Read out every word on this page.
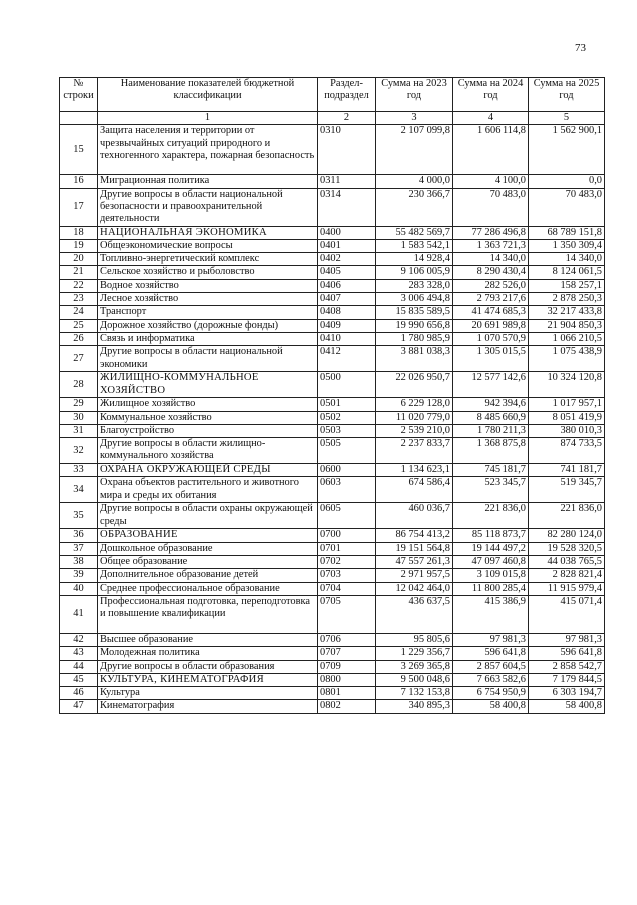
73
№ строки	Наименование показателей бюджетной классификации	Раздел-подраздел	Сумма на 2023 год	Сумма на 2024 год	Сумма на 2025 год
	1	2	3	4	5
15	Защита населения и территории от чрезвычайных ситуаций природного и техногенного характера, пожарная безопасность	0310	2 107 099,8	1 606 114,8	1 562 900,1
16	Миграционная политика	0311	4 000,0	4 100,0	0,0
17	Другие вопросы в области национальной безопасности и правоохранительной деятельности	0314	230 366,7	70 483,0	70 483,0
18	НАЦИОНАЛЬНАЯ ЭКОНОМИКА	0400	55 482 569,7	77 286 496,8	68 789 151,8
19	Общеэкономические вопросы	0401	1 583 542,1	1 363 721,3	1 350 309,4
20	Топливно-энергетический комплекс	0402	14 928,4	14 340,0	14 340,0
21	Сельское хозяйство и рыболовство	0405	9 106 005,9	8 290 430,4	8 124 061,5
22	Водное хозяйство	0406	283 328,0	282 526,0	158 257,1
23	Лесное хозяйство	0407	3 006 494,8	2 793 217,6	2 878 250,3
24	Транспорт	0408	15 835 589,5	41 474 685,3	32 217 433,8
25	Дорожное хозяйство (дорожные фонды)	0409	19 990 656,8	20 691 989,8	21 904 850,3
26	Связь и информатика	0410	1 780 985,9	1 070 570,9	1 066 210,5
27	Другие вопросы в области национальной экономики	0412	3 881 038,3	1 305 015,5	1 075 438,9
28	ЖИЛИЩНО-КОММУНАЛЬНОЕ ХОЗЯЙСТВО	0500	22 026 950,7	12 577 142,6	10 324 120,8
29	Жилищное хозяйство	0501	6 229 128,0	942 394,6	1 017 957,1
30	Коммунальное хозяйство	0502	11 020 779,0	8 485 660,9	8 051 419,9
31	Благоустройство	0503	2 539 210,0	1 780 211,3	380 010,3
32	Другие вопросы в области жилищно-коммунального хозяйства	0505	2 237 833,7	1 368 875,8	874 733,5
33	ОХРАНА ОКРУЖАЮЩЕЙ СРЕДЫ	0600	1 134 623,1	745 181,7	741 181,7
34	Охрана объектов растительного и животного мира и среды их обитания	0603	674 586,4	523 345,7	519 345,7
35	Другие вопросы в области охраны окружающей среды	0605	460 036,7	221 836,0	221 836,0
36	ОБРАЗОВАНИЕ	0700	86 754 413,2	85 118 873,7	82 280 124,0
37	Дошкольное образование	0701	19 151 564,8	19 144 497,2	19 528 320,5
38	Общее образование	0702	47 557 261,3	47 097 460,8	44 038 765,5
39	Дополнительное образование детей	0703	2 971 957,5	3 109 015,8	2 828 821,4
40	Среднее профессиональное образование	0704	12 042 464,0	11 800 285,4	11 915 979,4
41	Профессиональная подготовка, переподготовка и повышение квалификации	0705	436 637,5	415 386,9	415 071,4
42	Высшее образование	0706	95 805,6	97 981,3	97 981,3
43	Молодежная политика	0707	1 229 356,7	596 641,8	596 641,8
44	Другие вопросы в области образования	0709	3 269 365,8	2 857 604,5	2 858 542,7
45	КУЛЬТУРА, КИНЕМАТОГРАФИЯ	0800	9 500 048,6	7 663 582,6	7 179 844,5
46	Культура	0801	7 132 153,8	6 754 950,9	6 303 194,7
47	Кинематография	0802	340 895,3	58 400,8	58 400,8
